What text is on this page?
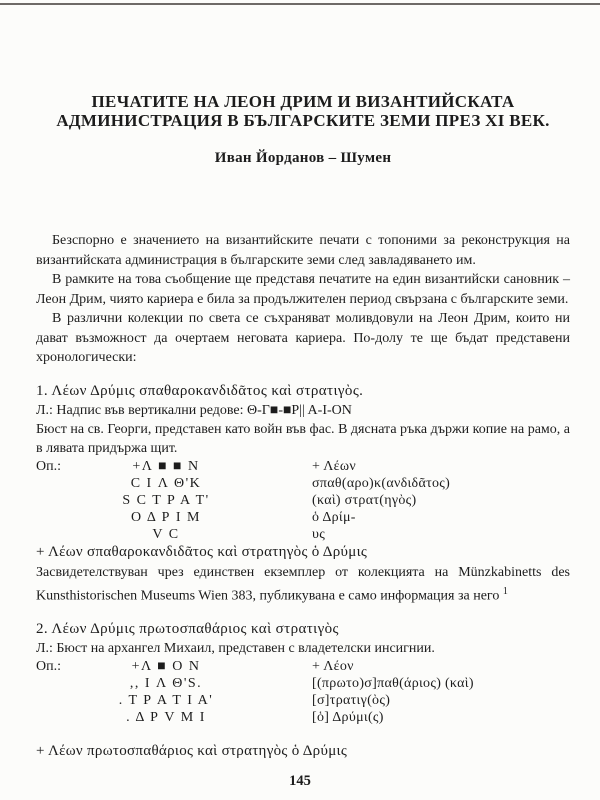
ПЕЧАТИТЕ НА ЛЕОН ДРИМ И ВИЗАНТИЙСКАТА
АДМИНИСТРАЦИЯ В БЪЛГАРСКИТЕ ЗЕМИ ПРЕЗ XI ВЕК.
Иван Йорданов – Шумен

Безспорно е значението на византийските печати с топоними за реконструкция на византийската администрация в българските земи след завладяването им.

В рамките на това съобщение ще представя печатите на един византийски сановник – Леон Дрим, чиято кариера е била за продължителен период свързана с българските земи.

В различни колекции по света се съхраняват моливдовули на Леон Дрим, които ни дават възможност да очертаем неговата кариера. По-долу те ще бъдат представени хронологически:

1. Λέων Δρύμις σπαθαροκανδιδᾶτος καὶ στρατιγὸς.

Л.: Надпис във вертикални редове: Θ-Γ■-■Ρ|| Α-Ι-ΟΝ

Бюст на св. Георги, представен като войн във фас. В дясната ръка държи копие на рамо, а в лявата придържа щит.

Оп.:	+Λ ■ ■ Ν	+ Λέων
C I Λ Θ'Κ	σπαθ(αρο)κ(ανδιδᾶτος)
S C T P A T'	(καὶ) στρατ(ηγὸς)
Ο Δ Ρ Ι Μ	ὁ Δρίμ-
V C	υς

+ Λέων σπαθαροκανδιδᾶτος καὶ στρατηγὸς ὁ Δρύμις

Засвидетелствуван чрез единствен екземплер от колекцията на Münzkabinetts des Kunsthistorischen Museums Wien 383, публикувана е само информация за него $^1$

2. Λέων Δρύμις πρωτοσπαθάριος καὶ στρατιγὸς

Л.: Бюст на архангел Михаил, представен с владетелски инсигнии.

Оп.:	+Λ ■ Ο Ν	+ Λέον
,, I Λ Θ'S.	[(πρωτο)σ]παθ(άριος) (καὶ)
. Τ Ρ Α Τ Ι Α'	[σ]τρατιγ(ὸς)
. Δ Ρ V Μ Ι	[ὁ] Δρύμι(ς)

+ Λέων πρωτοσπαθάριος καὶ στρατηγὸς ὁ Δρύμις

145
